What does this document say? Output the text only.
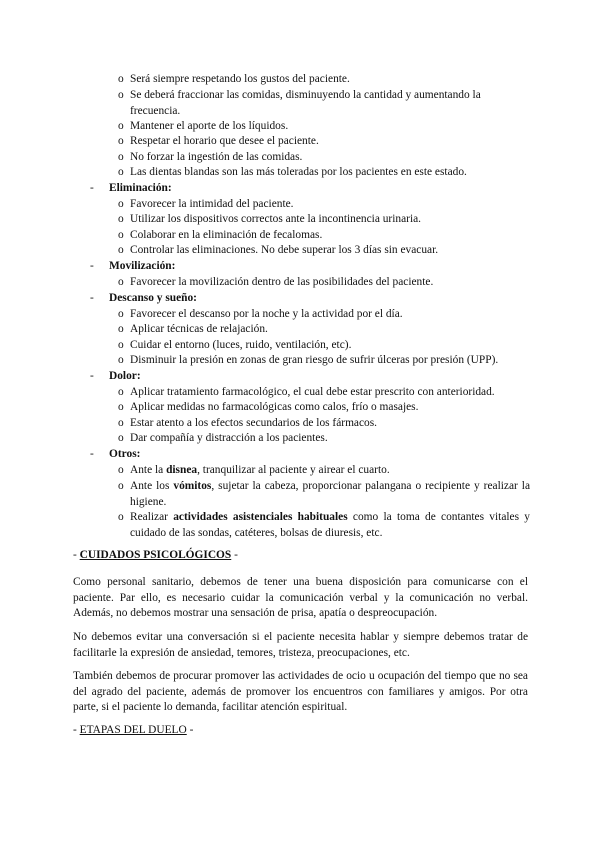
o Será siempre respetando los gustos del paciente.
o Se deberá fraccionar las comidas, disminuyendo la cantidad y aumentando la frecuencia.
o Mantener el aporte de los líquidos.
o Respetar el horario que desee el paciente.
o No forzar la ingestión de las comidas.
o Las dientas blandas son las más toleradas por los pacientes en este estado.
- Eliminación:
o Favorecer la intimidad del paciente.
o Utilizar los dispositivos correctos ante la incontinencia urinaria.
o Colaborar en la eliminación de fecalomas.
o Controlar las eliminaciones. No debe superar los 3 días sin evacuar.
- Movilización:
o Favorecer la movilización dentro de las posibilidades del paciente.
- Descanso y sueño:
o Favorecer el descanso por la noche y la actividad por el día.
o Aplicar técnicas de relajación.
o Cuidar el entorno (luces, ruido, ventilación, etc).
o Disminuir la presión en zonas de gran riesgo de sufrir úlceras por presión (UPP).
- Dolor:
o Aplicar tratamiento farmacológico, el cual debe estar prescrito con anterioridad.
o Aplicar medidas no farmacológicas como calos, frío o masajes.
o Estar atento a los efectos secundarios de los fármacos.
o Dar compañía y distracción a los pacientes.
- Otros:
o Ante la disnea, tranquilizar al paciente y airear el cuarto.
o Ante los vómitos, sujetar la cabeza, proporcionar palangana o recipiente y realizar la higiene.
o Realizar actividades asistenciales habituales como la toma de contantes vitales y cuidado de las sondas, catéteres, bolsas de diuresis, etc.
- CUIDADOS PSICOLÓGICOS -

Como personal sanitario, debemos de tener una buena disposición para comunicarse con el paciente. Par ello, es necesario cuidar la comunicación verbal y la comunicación no verbal. Además, no debemos mostrar una sensación de prisa, apatía o despreocupación.

No debemos evitar una conversación si el paciente necesita hablar y siempre debemos tratar de facilitarle la expresión de ansiedad, temores, tristeza, preocupaciones, etc.

También debemos de procurar promover las actividades de ocio u ocupación del tiempo que no sea del agrado del paciente, además de promover los encuentros con familiares y amigos. Por otra parte, si el paciente lo demanda, facilitar atención espiritual.

- ETAPAS DEL DUELO -
